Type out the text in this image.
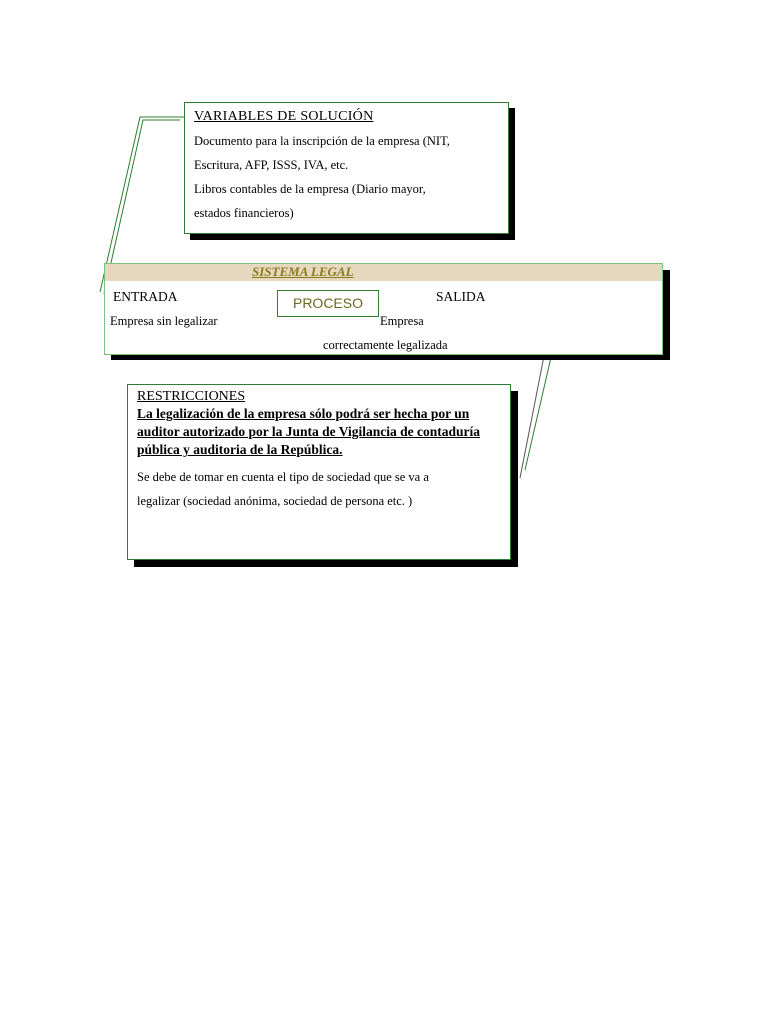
VARIABLES DE SOLUCIÓN
Documento para la inscripción de la empresa (NIT,
Escritura, AFP, ISSS, IVA, etc.
Libros contables de la empresa (Diario mayor,
estados financieros)
SISTEMA LEGAL
ENTRADA
Empresa sin legalizar
PROCESO	SALIDA
Empresa
correctamente legalizada
RESTRICCIONES
La legalización de la empresa sólo podrá ser hecha por un auditor autorizado por la Junta de Vigilancia de contaduría pública y auditoria de la República.
Se debe de tomar en cuenta el tipo de sociedad que se va a
legalizar (sociedad anónima, sociedad de persona etc. )
